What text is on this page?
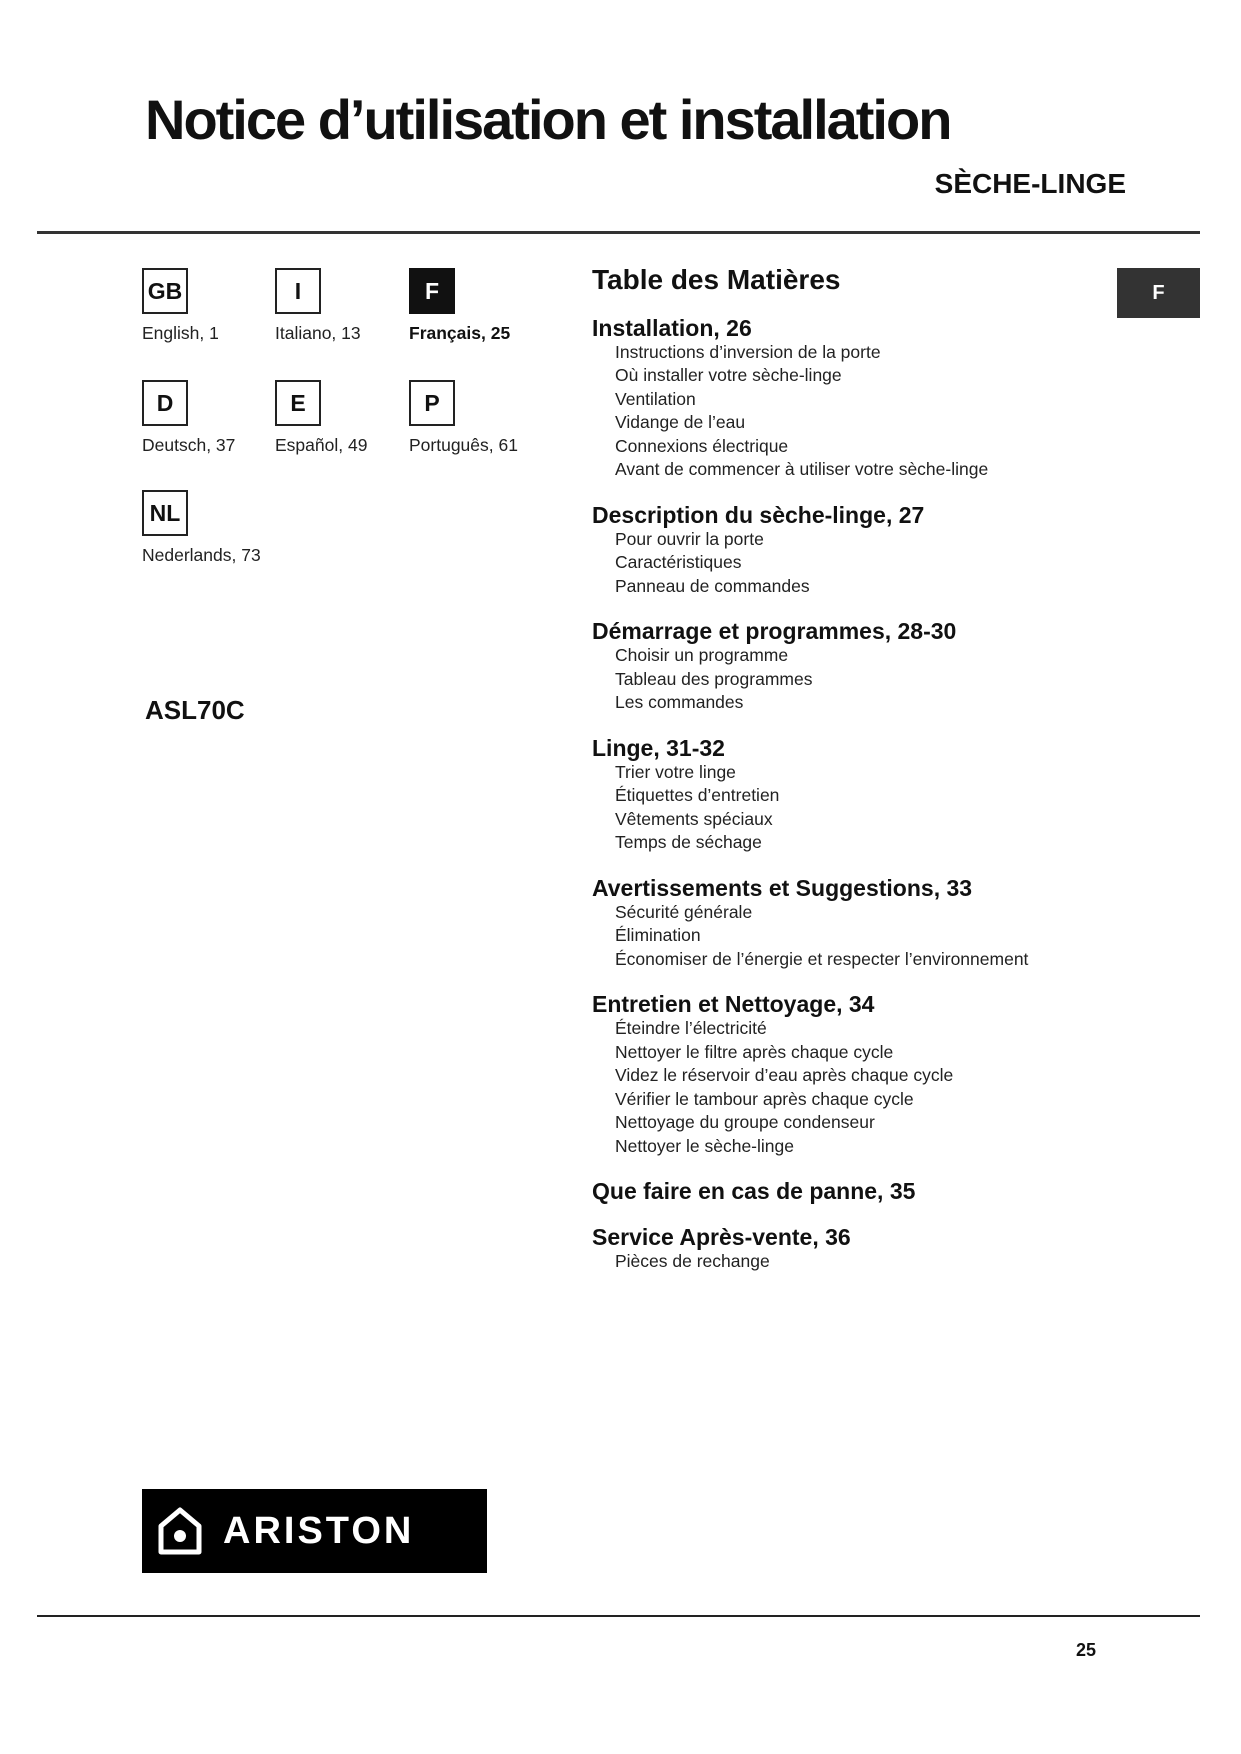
Notice d’utilisation et installation
SÈCHE-LINGE
GB
English, 1
I
Italiano, 13
F
Français, 25
D
Deutsch, 37
E
Español, 49
P
Português, 61
NL
Nederlands, 73
ASL70C
Table des Matières
Installation, 26
Instructions d’inversion de la porte
Où installer votre sèche-linge
Ventilation
Vidange de l’eau
Connexions électrique
Avant de commencer à utiliser votre sèche-linge
Description du sèche-linge, 27
Pour ouvrir la porte
Caractéristiques
Panneau de commandes
Démarrage et programmes, 28-30
Choisir un programme
Tableau des programmes
Les commandes
Linge, 31-32
Trier votre linge
Étiquettes d’entretien
Vêtements spéciaux
Temps de séchage
Avertissements et Suggestions, 33
Sécurité générale
Élimination
Économiser de l’énergie et respecter l’environnement
Entretien et Nettoyage, 34
Éteindre l’électricité
Nettoyer le filtre après chaque cycle
Videz le réservoir d’eau après chaque cycle
Vérifier le tambour après chaque cycle
Nettoyage du groupe condenseur
Nettoyer le sèche-linge
Que faire en cas de panne, 35
Service Après-vente, 36
Pièces de rechange
F
ARISTON
25
